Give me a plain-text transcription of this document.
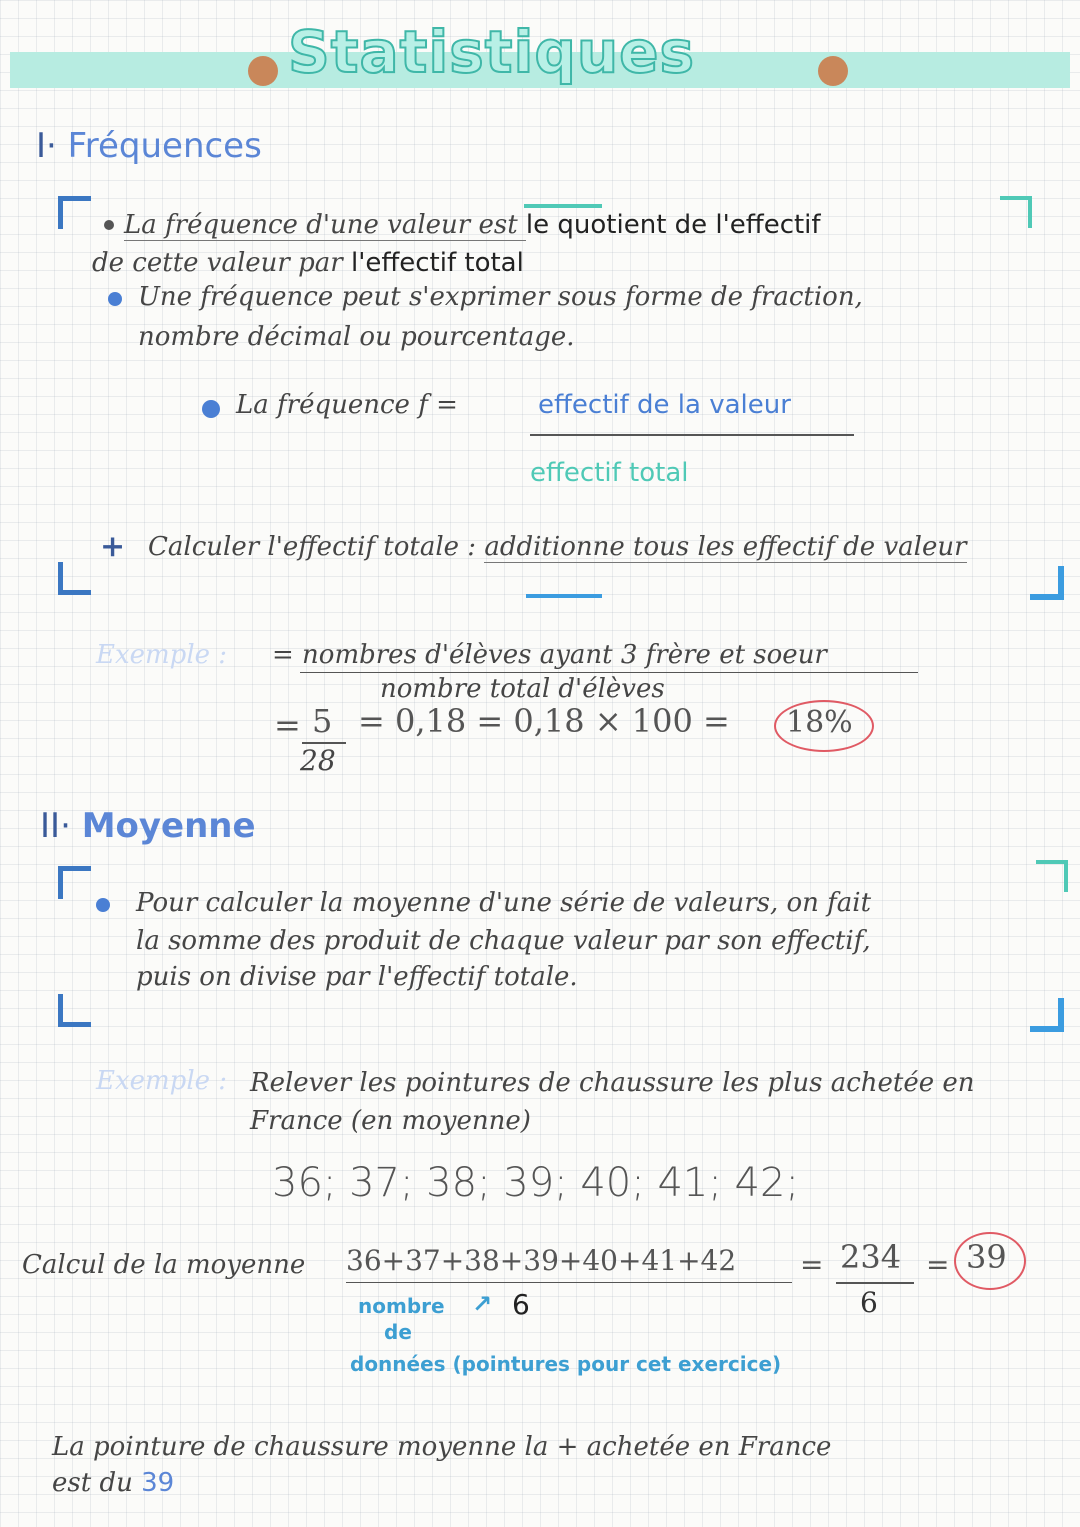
Statistiques
I· Fréquences
La fréquence d'une valeur est le quotient de l'effectif
de cette valeur par l'effectif total
Une fréquence peut s'exprimer sous forme de fraction,
nombre décimal ou pourcentage.
La fréquence f =	effectif de la valeur
effectif total
+ Calculer l'effectif totale : additionne tous les effectif de valeur
Exemple : = nombres d'élèves ayant 3 frère et soeur
nombre total d'élèves
= 5
28
= 0,18 = 0,18 × 100 = 18%
II· Moyenne
Pour calculer la moyenne d'une série de valeurs, on fait
la somme des produit de chaque valeur par son effectif,
puis on divise par l'effectif totale.
Exemple : Relever les pointures de chaussure les plus achetée en
France (en moyenne)
36; 37; 38; 39; 40; 41; 42;
Calcul de la moyenne 36+37+38+39+40+41+42 = 234
6
= 39
nombre ↗ 6
de
données (pointures pour cet exercice)
La pointure de chaussure moyenne la + achetée en France
est du 39
